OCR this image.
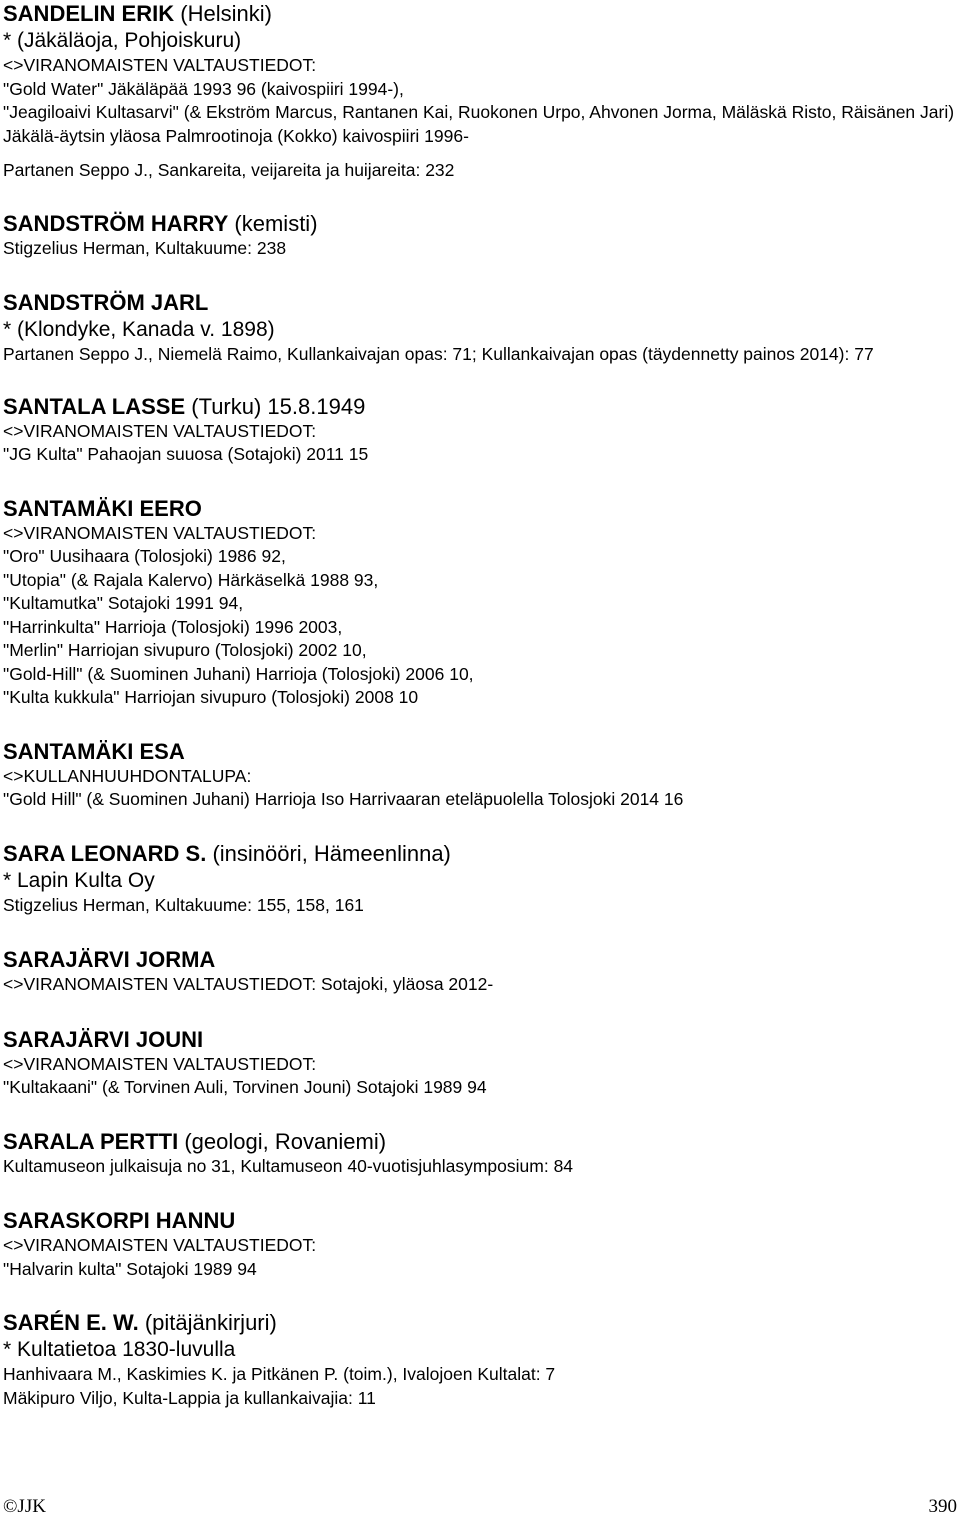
SANDELIN ERIK (Helsinki)
* (Jäkäläoja, Pohjoiskuru)
<>VIRANOMAISTEN VALTAUSTIEDOT:
"Gold Water" Jäkäläpää 1993 96 (kaivospiiri 1994-),
"Jeagiloaivi Kultasarvi" (& Ekström Marcus, Rantanen Kai, Ruokonen Urpo, Ahvonen Jorma, Mäläskä Risto, Räisänen Jari) Jäkälä-äytsin yläosa Palmrootinoja (Kokko) kaivospiiri 1996-
Partanen Seppo J., Sankareita, veijareita ja huijareita: 232
SANDSTRÖM HARRY (kemisti)
Stigzelius Herman, Kultakuume: 238
SANDSTRÖM JARL
* (Klondyke, Kanada v. 1898)
Partanen Seppo J., Niemelä Raimo, Kullankaivajan opas: 71; Kullankaivajan opas (täydennetty painos 2014): 77
SANTALA LASSE (Turku) 15.8.1949
<>VIRANOMAISTEN VALTAUSTIEDOT:
"JG Kulta" Pahaojan suuosa (Sotajoki) 2011 15
SANTAMÄKI EERO
<>VIRANOMAISTEN VALTAUSTIEDOT:
"Oro" Uusihaara (Tolosjoki) 1986 92,
"Utopia" (& Rajala Kalervo) Härkäselkä 1988 93,
"Kultamutka" Sotajoki 1991 94,
"Harrinkulta" Harrioja (Tolosjoki) 1996 2003,
"Merlin" Harriojan sivupuro (Tolosjoki) 2002 10,
"Gold-Hill" (& Suominen Juhani) Harrioja (Tolosjoki) 2006 10,
"Kulta kukkula" Harriojan sivupuro (Tolosjoki) 2008 10
SANTAMÄKI ESA
<>KULLANHUUHDONTALUPA:
"Gold Hill" (& Suominen Juhani) Harrioja Iso Harrivaaran eteläpuolella Tolosjoki 2014 16
SARA LEONARD S. (insinööri, Hämeenlinna)
* Lapin Kulta Oy
Stigzelius Herman, Kultakuume: 155, 158, 161
SARAJÄRVI JORMA
<>VIRANOMAISTEN VALTAUSTIEDOT: Sotajoki, yläosa 2012-
SARAJÄRVI JOUNI
<>VIRANOMAISTEN VALTAUSTIEDOT:
"Kultakaani" (& Torvinen Auli, Torvinen Jouni) Sotajoki 1989 94
SARALA PERTTI (geologi, Rovaniemi)
Kultamuseon julkaisuja no 31, Kultamuseon 40-vuotisjuhlasymposium: 84
SARASKORPI HANNU
<>VIRANOMAISTEN VALTAUSTIEDOT:
"Halvarin kulta" Sotajoki 1989 94
SARÉN E. W. (pitäjänkirjuri)
* Kultatietoa 1830-luvulla
Hanhivaara M., Kaskimies K. ja Pitkänen P. (toim.), Ivalojoen Kultalat: 7
Mäkipuro Viljo, Kulta-Lappia ja kullankaivajia: 11
©JJK	390
